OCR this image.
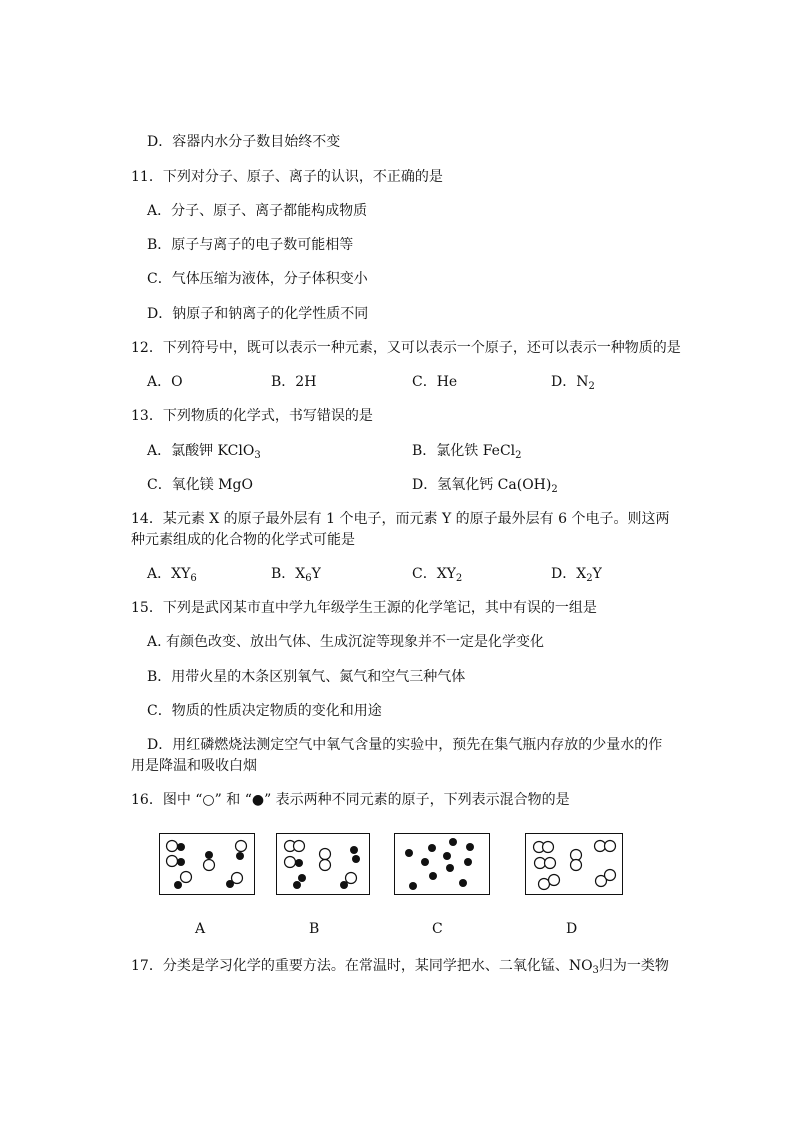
D．容器内水分子数目始终不变
11．下列对分子、原子、离子的认识，不正确的是
A．分子、原子、离子都能构成物质
B．原子与离子的电子数可能相等
C．气体压缩为液体，分子体积变小
D．钠原子和钠离子的化学性质不同
12．下列符号中，既可以表示一种元素，又可以表示一个原子，还可以表示一种物质的是
A．O	B．2H	C．He	D．$N_2$
13．下列物质的化学式，书写错误的是
A．氯酸钾 KClO$_3$	B．氯化铁 FeCl$_2$
C．氧化镁 MgO	D．氢氧化钙 $Ca(OH)_2$
14．某元素 X 的原子最外层有 1 个电子，而元素 Y 的原子最外层有 6 个电子。则这两
种元素组成的化合物的化学式可能是
A．$XY_6$	B．$X_6Y$	C．$XY_2$	D．$X_2Y$
15．下列是武冈某市直中学九年级学生王源的化学笔记，其中有误的一组是
A. 有颜色改变、放出气体、生成沉淀等现象并不一定是化学变化
B．用带火星的木条区别氧气、氮气和空气三种气体
C．物质的性质决定物质的变化和用途
D．用红磷燃烧法测定空气中氧气含量的实验中，预先在集气瓶内存放的少量水的作
用是降温和吸收白烟
16．图中 “○” 和 “●” 表示两种不同元素的原子，下列表示混合物的是
A	B	C	D
17．分类是学习化学的重要方法。在常温时，某同学把水、二氧化锰、$NO_3$归为一类物
